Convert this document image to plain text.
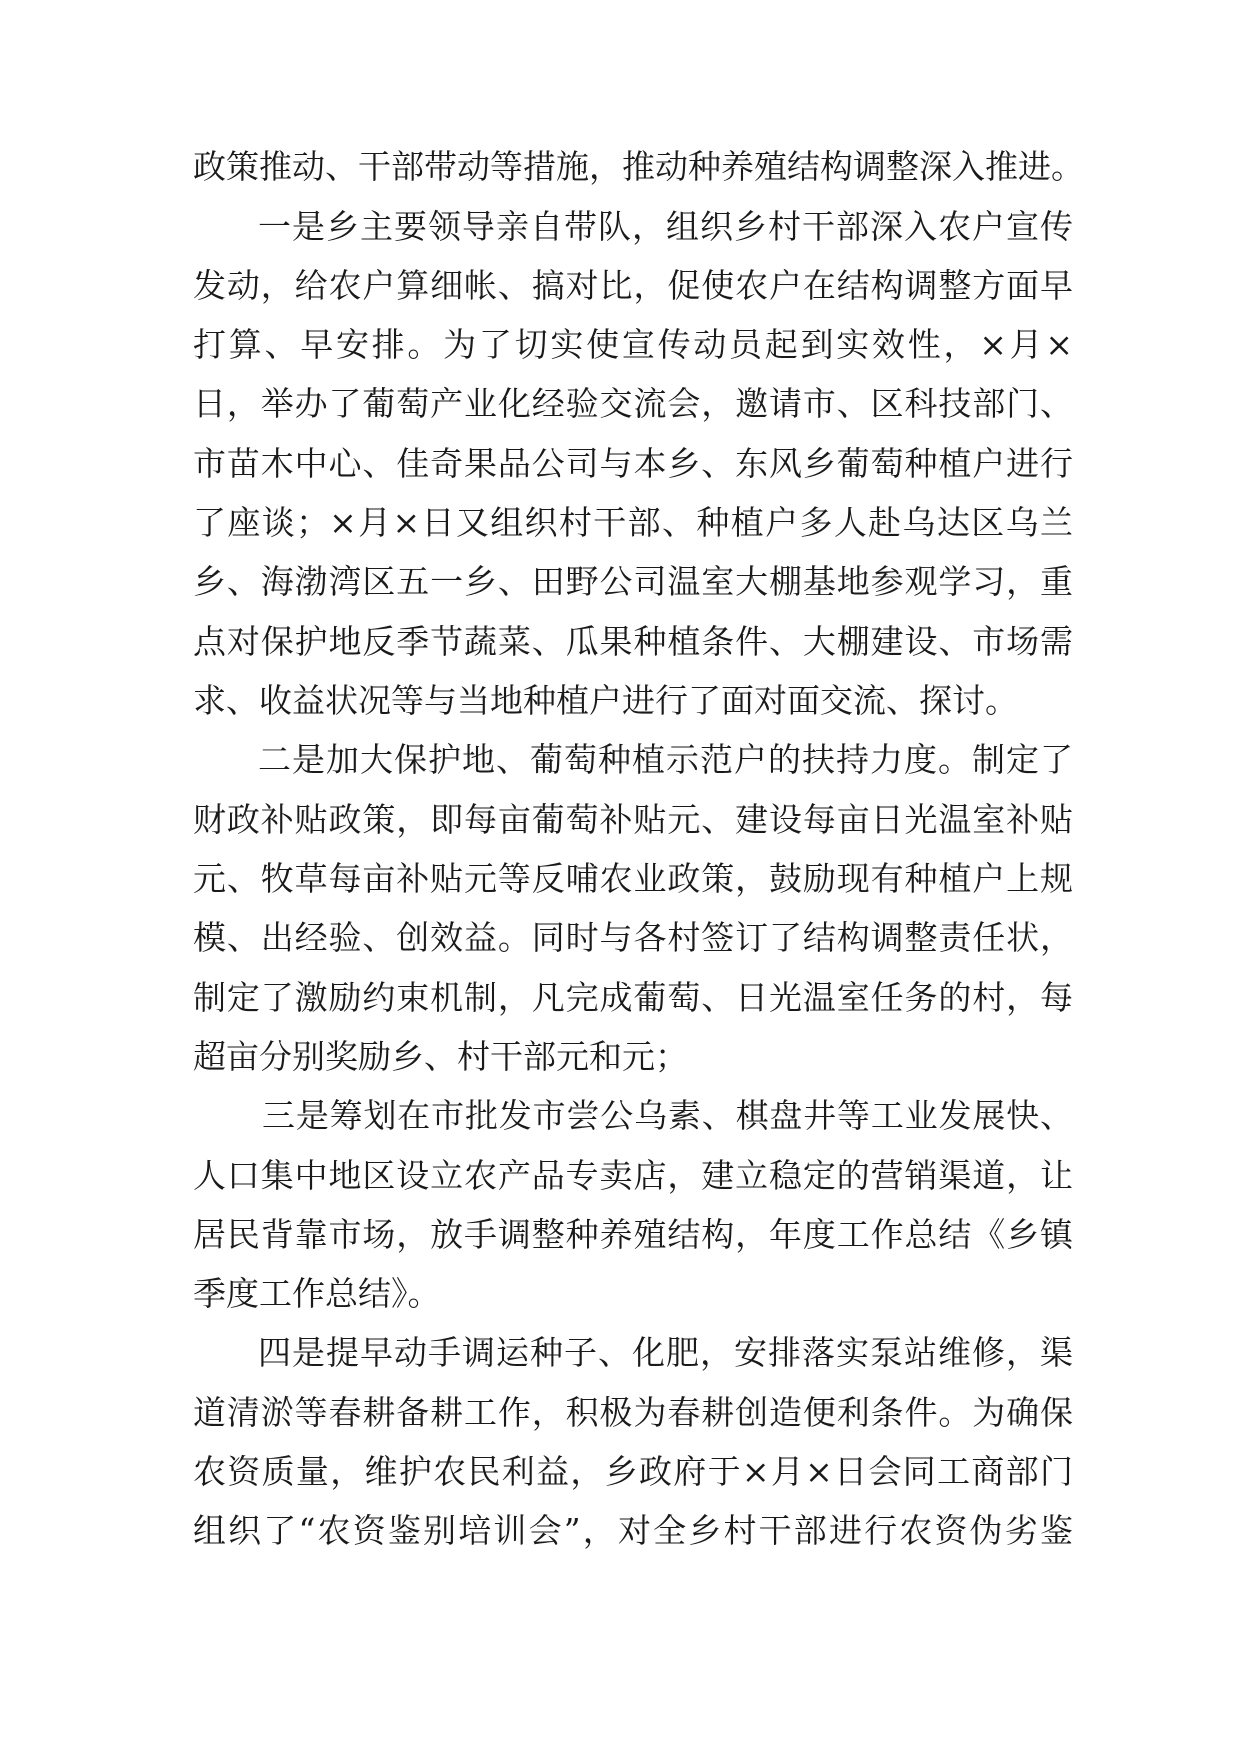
政策推动、干部带动等措施，推动种养殖结构调整深入推进。
一是乡主要领导亲自带队，组织乡村干部深入农户宣传
发动，给农户算细帐、搞对比，促使农户在结构调整方面早
打算、早安排。为了切实使宣传动员起到实效性，×月×
日，举办了葡萄产业化经验交流会，邀请市、区科技部门、
市苗木中心、佳奇果品公司与本乡、东风乡葡萄种植户进行
了座谈；×月×日又组织村干部、种植户多人赴乌达区乌兰
乡、海渤湾区五一乡、田野公司温室大棚基地参观学习，重
点对保护地反季节蔬菜、瓜果种植条件、大棚建设、市场需
求、收益状况等与当地种植户进行了面对面交流、探讨。
二是加大保护地、葡萄种植示范户的扶持力度。制定了
财政补贴政策，即每亩葡萄补贴元、建设每亩日光温室补贴
元、牧草每亩补贴元等反哺农业政策，鼓励现有种植户上规
模、出经验、创效益。同时与各村签订了结构调整责任状，
制定了激励约束机制，凡完成葡萄、日光温室任务的村，每
超亩分别奖励乡、村干部元和元；
三是筹划在市批发市尝公乌素、棋盘井等工业发展快、
人口集中地区设立农产品专卖店，建立稳定的营销渠道，让
居民背靠市场，放手调整种养殖结构，年度工作总结《乡镇
季度工作总结》。
四是提早动手调运种子、化肥，安排落实泵站维修，渠
道清淤等春耕备耕工作，积极为春耕创造便利条件。为确保
农资质量，维护农民利益，乡政府于×月×日会同工商部门
组织了“农资鉴别培训会”，对全乡村干部进行农资伪劣鉴
